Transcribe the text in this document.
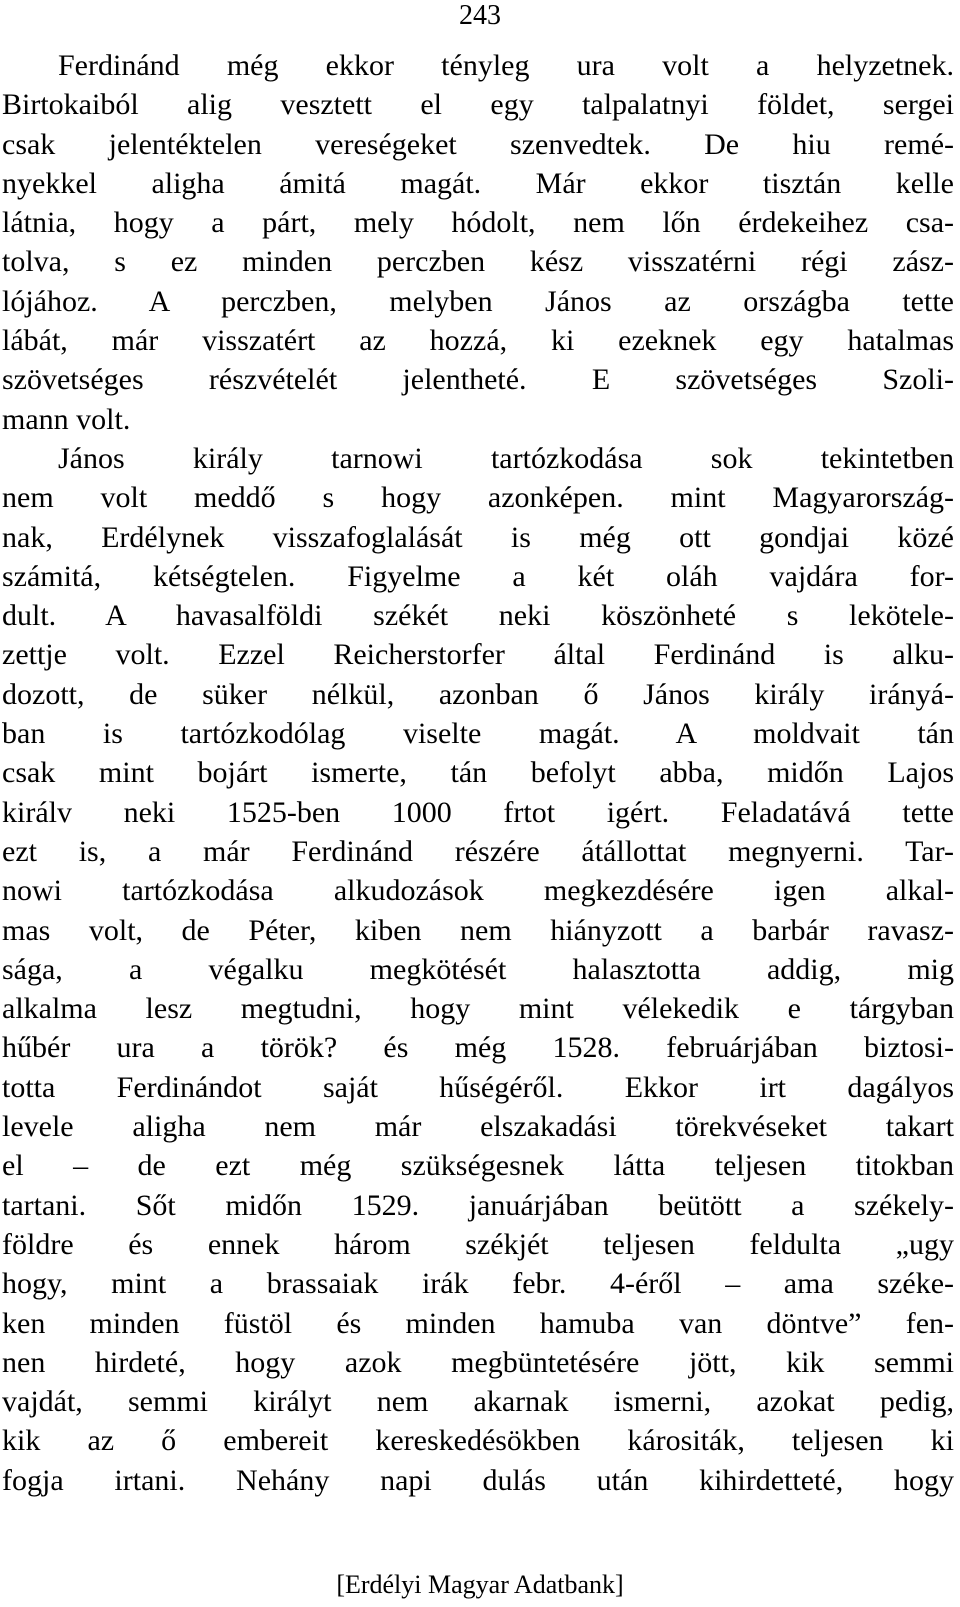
243
Ferdinánd még ekkor tényleg ura volt a helyzetnek.
Birtokaiból alig vesztett el egy talpalatnyi földet, sergei
csak jelentéktelen vereségeket szenvedtek. De hiu remé-
nyekkel aligha ámitá magát. Már ekkor tisztán kelle
látnia, hogy a párt, mely hódolt, nem lőn érdekeihez csa-
tolva, s ez minden perczben kész visszatérni régi zász-
lójához. A perczben, melyben János az országba tette
lábát, már visszatért az hozzá, ki ezeknek egy hatalmas
szövetséges részvételét jelentheté. E szövetséges Szoli-
mann volt.
János király tarnowi tartózkodása sok tekintetben
nem volt meddő s hogy azonképen. mint Magyarország-
nak, Erdélynek visszafoglalását is még ott gondjai közé
számitá, kétségtelen. Figyelme a két oláh vajdára for-
dult. A havasalföldi székét neki köszönheté s lekötele-
zettje volt. Ezzel Reicherstorfer által Ferdinánd is alku-
dozott, de süker nélkül, azonban ő János király irányá-
ban is tartózkodólag viselte magát. A moldvait tán
csak mint bojárt ismerte, tán befolyt abba, midőn Lajos
királv neki 1525-ben 1000 frtot igért. Feladatává tette
ezt is, a már Ferdinánd részére átállottat megnyerni. Tar-
nowi tartózkodása alkudozások megkezdésére igen alkal-
mas volt, de Péter, kiben nem hiányzott a barbár ravasz-
sága, a végalku megkötését halasztotta addig, mig
alkalma lesz megtudni, hogy mint vélekedik e tárgyban
hűbér ura a török? és még 1528. februárjában biztosi-
totta Ferdinándot saját hűségéről. Ekkor irt dagályos
levele aligha nem már elszakadási törekvéseket takart
el – de ezt még szükségesnek látta teljesen titokban
tartani. Sőt midőn 1529. januárjában beütött a székely-
földre és ennek három székjét teljesen feldulta „ugy
hogy, mint a brassaiak irák febr. 4-éről – ama széke-
ken minden füstöl és minden hamuba van döntve” fen-
nen hirdeté, hogy azok megbüntetésére jött, kik semmi
vajdát, semmi királyt nem akarnak ismerni, azokat pedig,
kik az ő embereit kereskedésökben kárositák, teljesen ki
fogja irtani. Nehány napi dulás után kihirdetteté, hogy
[Erdélyi Magyar Adatbank]
